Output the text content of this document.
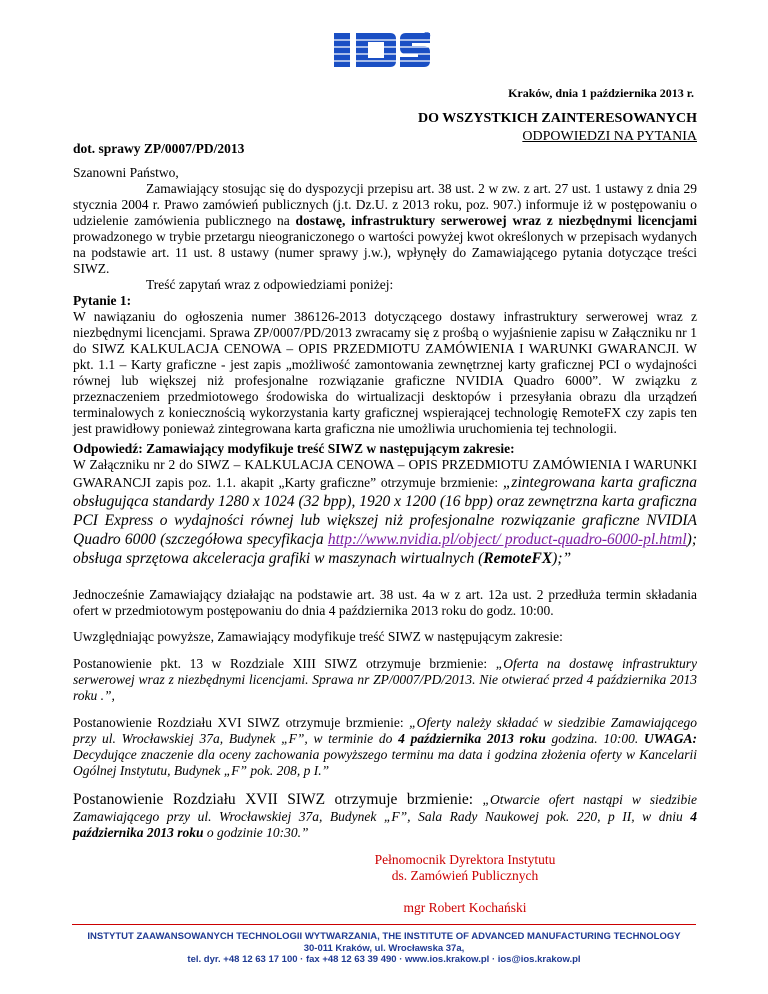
IOS
®
Kraków, dnia 1 października 2013 r.
DO WSZYSTKICH ZAINTERESOWANYCH
ODPOWIEDZI NA PYTANIA
dot. sprawy ZP/0007/PD/2013

Szanowni Państwo,

Zamawiający stosując się do dyspozycji przepisu art. 38 ust. 2 w zw. z art. 27 ust. 1 ustawy z dnia 29 stycznia 2004 r. Prawo zamówień publicznych (j.t. Dz.U. z 2013 roku, poz. 907.) informuje iż w postępowaniu o udzielenie zamówienia publicznego na dostawę, infrastruktury serwerowej wraz z niezbędnymi licencjami prowadzonego w trybie przetargu nieograniczonego o wartości powyżej kwot określonych w przepisach wydanych na podstawie art. 11 ust. 8 ustawy (numer sprawy j.w.), wpłynęły do Zamawiającego pytania dotyczące treści SIWZ.

Treść zapytań wraz z odpowiedziami poniżej:

Pytanie 1:

W nawiązaniu do ogłoszenia numer 386126-2013 dotyczącego dostawy infrastruktury serwerowej wraz z niezbędnymi licencjami. Sprawa ZP/0007/PD/2013 zwracamy się z prośbą o wyjaśnienie zapisu w Załączniku nr 1 do SIWZ KALKULACJA CENOWA – OPIS PRZEDMIOTU ZAMÓWIENIA I WARUNKI GWARANCJI. W pkt. 1.1 – Karty graficzne - jest zapis „możliwość zamontowania zewnętrznej karty graficznej PCI o wydajności równej lub większej niż profesjonalne rozwiązanie graficzne NVIDIA Quadro 6000”. W związku z przeznaczeniem przedmiotowego środowiska do wirtualizacji desktopów i przesyłania obrazu dla urządzeń terminalowych z koniecznością wykorzystania karty graficznej wspierającej technologię RemoteFX czy zapis ten jest prawidłowy ponieważ zintegrowana karta graficzna nie umożliwia uruchomienia tej technologii.

Odpowiedź: Zamawiający modyfikuje treść SIWZ w następującym zakresie:

W Załączniku nr 2 do SIWZ – KALKULACJA CENOWA – OPIS PRZEDMIOTU ZAMÓWIENIA I WARUNKI GWARANCJI zapis poz. 1.1. akapit „Karty graficzne” otrzymuje brzmienie: „zintegrowana karta graficzna obsługująca standardy 1280 x 1024 (32 bpp), 1920 x 1200 (16 bpp) oraz zewnętrzna karta graficzna PCI Express o wydajności równej lub większej niż profesjonalne rozwiązanie graficzne NVIDIA Quadro 6000 (szczegółowa specyfikacja http://www.nvidia.pl/object/ product-quadro-6000-pl.html); obsługa sprzętowa akceleracja grafiki w maszynach wirtualnych (RemoteFX);”

Jednocześnie Zamawiający działając na podstawie art. 38 ust. 4a w z art. 12a ust. 2 przedłuża termin składania ofert w przedmiotowym postępowaniu do dnia 4 października 2013 roku do godz. 10:00.
Uwzględniając powyższe, Zamawiający modyfikuje treść SIWZ w następującym zakresie:
Postanowienie pkt. 13 w Rozdziale XIII SIWZ otrzymuje brzmienie: „Oferta na dostawę infrastruktury serwerowej wraz z niezbędnymi licencjami. Sprawa nr ZP/0007/PD/2013. Nie otwierać przed 4 października 2013 roku .”,
Postanowienie Rozdziału XVI SIWZ otrzymuje brzmienie: „Oferty należy składać w siedzibie Zamawiającego przy ul. Wrocławskiej 37a, Budynek „F”, w terminie do 4 października 2013 roku godzina. 10:00. UWAGA: Decydujące znaczenie dla oceny zachowania powyższego terminu ma data i godzina złożenia oferty w Kancelarii Ogólnej Instytutu, Budynek „F” pok. 208, p I.”
Postanowienie Rozdziału XVII SIWZ otrzymuje brzmienie: „Otwarcie ofert nastąpi w siedzibie Zamawiającego przy ul. Wrocławskiej 37a, Budynek „F”, Sala Rady Naukowej pok. 220, p II, w dniu 4 października 2013 roku o godzinie 10:30.”
Pełnomocnik Dyrektora Instytutu
ds. Zamówień Publicznych
mgr Robert Kochański
INSTYTUT ZAAWANSOWANYCH TECHNOLOGII WYTWARZANIA, THE INSTITUTE OF ADVANCED MANUFACTURING TECHNOLOGY
30-011 Kraków, ul. Wrocławska 37a,
tel. dyr. +48 12 63 17 100 · fax +48 12 63 39 490 · www.ios.krakow.pl · ios@ios.krakow.pl
